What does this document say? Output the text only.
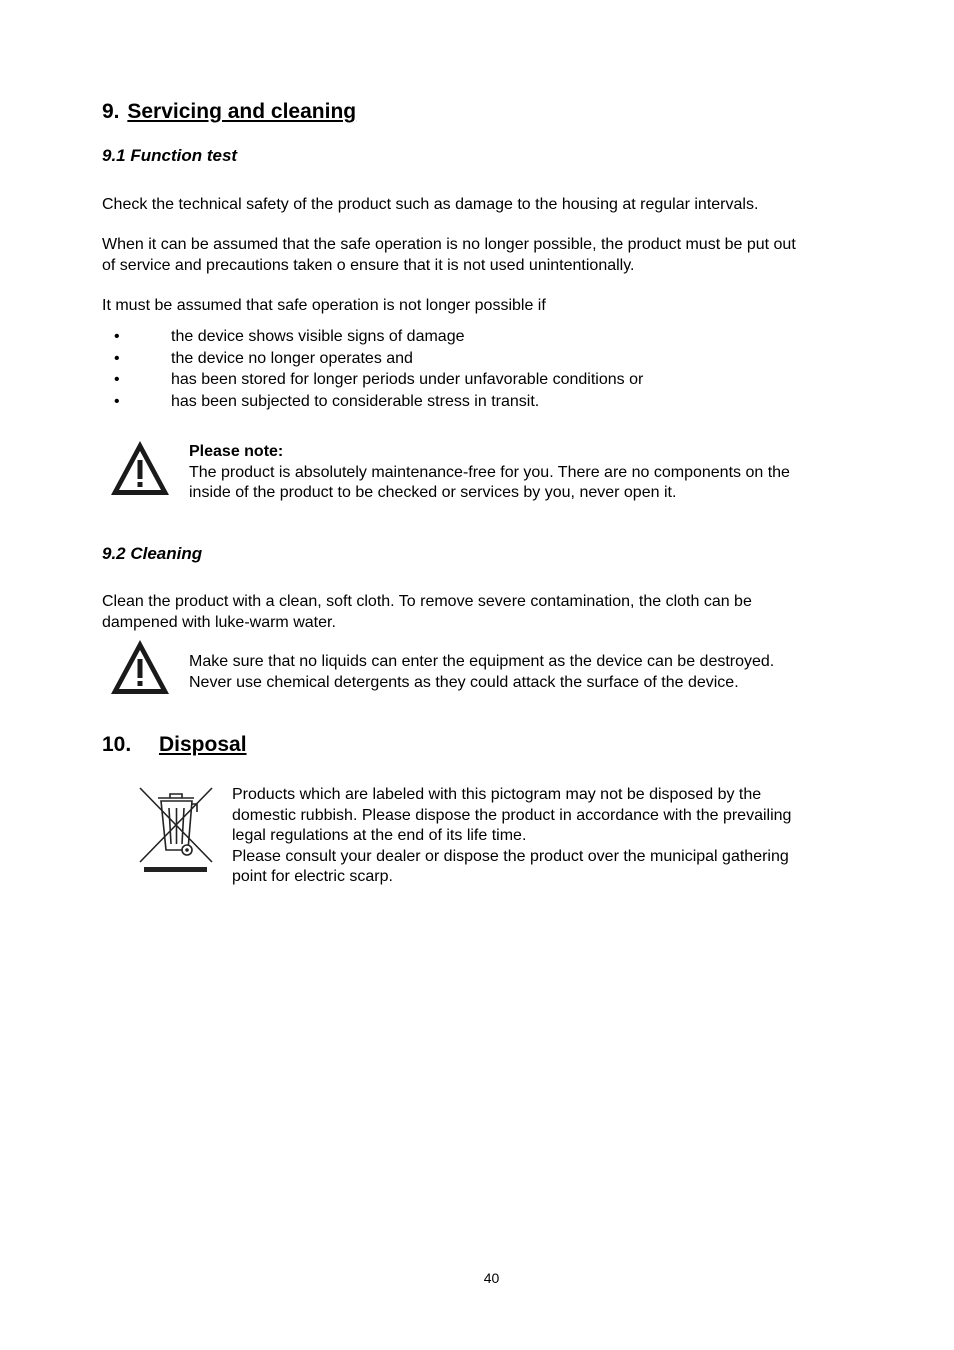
9. Servicing and cleaning
9.1 Function test
Check the technical safety of the product such as damage to the housing at regular intervals.
When it can be assumed that the safe operation is no longer possible, the product must be put out
of service and precautions taken o ensure that it is not used unintentionally.
It must be assumed that safe operation is not longer possible if
•	the device shows visible signs of damage
•	the device no longer operates and
•	has been stored for longer periods under unfavorable conditions or
•	has been subjected to considerable stress in transit.
Please note:
The product is absolutely maintenance-free for you. There are no components on the
inside of the product to be checked or services by you, never open it.
9.2 Cleaning
Clean the product with a clean, soft cloth. To remove severe contamination, the cloth can be
dampened with luke-warm water.
Make sure that no liquids can enter the equipment as the device can be destroyed.
Never use chemical detergents as they could attack the surface of the device.
10. Disposal
Products which are labeled with this pictogram may not be disposed by the
domestic rubbish. Please dispose the product in accordance with the prevailing
legal regulations at the end of its life time.
Please consult your dealer or dispose the product over the municipal gathering
point for electric scarp.
40
